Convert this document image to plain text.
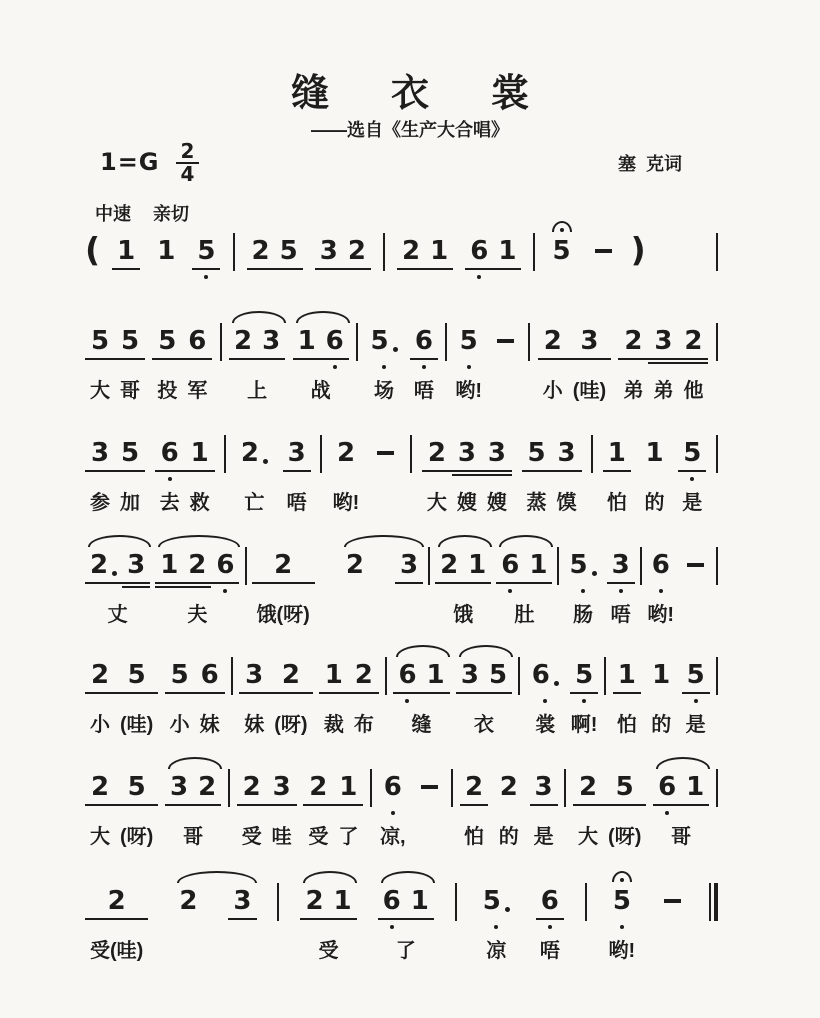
缝 衣 裳
——选自《生产大合唱》
$1=G \frac{2}{4}$	塞  克词
中速 亲切
( 1 1 5 2 5 3 2 2 1 6 1 5 )
5
大
5
哥
5
投
6
军
2 3
上
1 6
战
5
场
6
唔
5
哟!
2
小
3
(哇)
2
弟
3
弟
2
他
3
参
5
加
6
去
1
救
2
亡
3
唔
2
哟!
2
大
3
嫂
3
嫂
5
蒸
3
馍
1
怕
1
的
5
是
2 3
丈
1 2 6
夫
2
饿(呀)
2 3 2 1
饿
6 1
肚
5
肠
3
唔
6
哟!
2
小
5
(哇)
5
小
6
妹
3
妹
2
(呀)
1
裁
2
布
6 1
缝
3 5
衣
6
裳
5
啊!
1
怕
1
的
5
是
2
大
5
(呀)
3 2
哥
2
受
3
哇
2
受
1
了
6
凉,
2
怕
2
的
3
是
2
大
5
(呀)
6 1
哥
2
受(哇)
2 3 2 1
受
6 1
了
5
凉
6
唔
5
哟!
